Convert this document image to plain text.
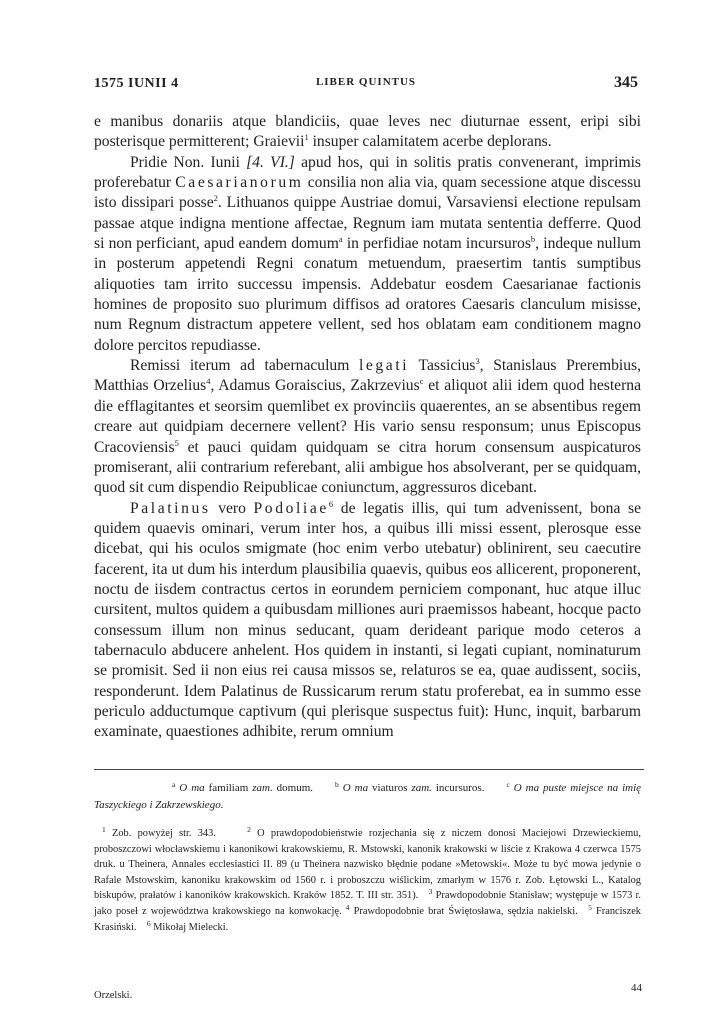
1575 IUNII 4	LIBER QUINTUS	345

e manibus donariis atque blandiciis, quae leves nec diuturnae essent, eripi sibi posterisque permitterent; Graievii$^1$ insuper calamitatem acerbe deplorans.

Pridie Non. Iunii [4. VI.] apud hos, qui in solitis pratis convenerant, imprimis proferebatur Caesarianorum consilia non alia via, quam secessione atque discessu isto dissipari posse$^2$. Lithuanos quippe Austriae domui, Varsaviensi electione repulsam passae atque indigna mentione affectae, Regnum iam mutata sententia defferre. Quod si non perficiant, apud eandem domum$^a$ in perfidiae notam incursuros$^b$, indeque nullum in posterum appetendi Regni conatum metuendum, praesertim tantis sumptibus aliquoties tam irrito successu impensis. Addebatur eosdem Caesarianae factionis homines de proposito suo plurimum diffisos ad oratores Caesaris clanculum misisse, num Regnum distractum appetere vellent, sed hos oblatam eam conditionem magno dolore percitos repudiasse.

Remissi iterum ad tabernaculum legati Tassicius$^3$, Stanislaus Prerembius, Matthias Orzelius$^4$, Adamus Goraiscius, Zakrzevius$^c$ et aliquot alii idem quod hesterna die efflagitantes et seorsim quemlibet ex provinciis quaerentes, an se absentibus regem creare aut quidpiam decernere vellent? His vario sensu responsum; unus Episcopus Cracoviensis$^5$ et pauci quidam quidquam se citra horum consensum auspicaturos promiserant, alii contrarium referebant, alii ambigue hos absolverant, per se quidquam, quod sit cum dispendio Reipublicae coniunctum, aggressuros dicebant.

Palatinus vero Podoliae$^6$ de legatis illis, qui tum advenissent, bona se quidem quaevis ominari, verum inter hos, a quibus illi missi essent, plerosque esse dicebat, qui his oculos smigmate (hoc enim verbo utebatur) oblinirent, seu caecutire facerent, ita ut dum his interdum plausibilia quaevis, quibus eos allicerent, proponerent, noctu de iisdem contractus certos in eorundem perniciem componant, huc atque illuc cursitent, multos quidem a quibusdam milliones auri praemissos habeant, hocque pacto consessum illum non minus seducant, quam derideant parique modo ceteros a tabernaculo abducere anhelent. Hos quidem in instanti, si legati cupiant, nominaturum se promisit. Sed ii non eius rei causa missos se, relaturos se ea, quae audissent, sociis, responderunt. Idem Palatinus de Russicarum rerum statu proferebat, ea in summo esse periculo adductumque captivum (qui plerisque suspectus fuit): Hunc, inquit, barbarum examinate, quaestiones adhibite, rerum omnium

$^a$ O ma familiam zam. domum.  	$^b$ O ma viaturos zam. incursuros.  	$^c$ O ma puste miejsce na imię Taszyckiego i Zakrzewskiego.

$^1$ Zob. powyżej str. 343.   	$^2$ O prawdopodobieństwie rozjechania się z niczem donosi Maciejowi Drzewieckiemu, proboszczowi włocławskiemu i kanonikowi krakowskiemu, R. Mstowski, kanonik krakowski w liście z Krakowa 4 czerwca 1575 druk. u Theinera, Annales ecclesiastici II. 89 (u Theinera nazwisko błędnie podane »Metowski«. Może tu być mowa jedynie o Rafale Mstowskim, kanoniku krakowskim od 1560 r. i proboszczu wiślickim, zmarłym w 1576 r. Zob. Łętowski L., Katalog biskupów, prałatów i kanoników krakowskich. Kraków 1852. T. III str. 351).  $^3$ Prawdopodobnie Stanisław; występuje w 1573 r. jako poseł z województwa krakowskiego na konwokację. $^4$ Prawdopodobnie brat Świętosława, sędzia nakielski.  $^5$ Franciszek Krasiński.  $^6$ Mikołaj Mielecki.

Orzelski.
44
